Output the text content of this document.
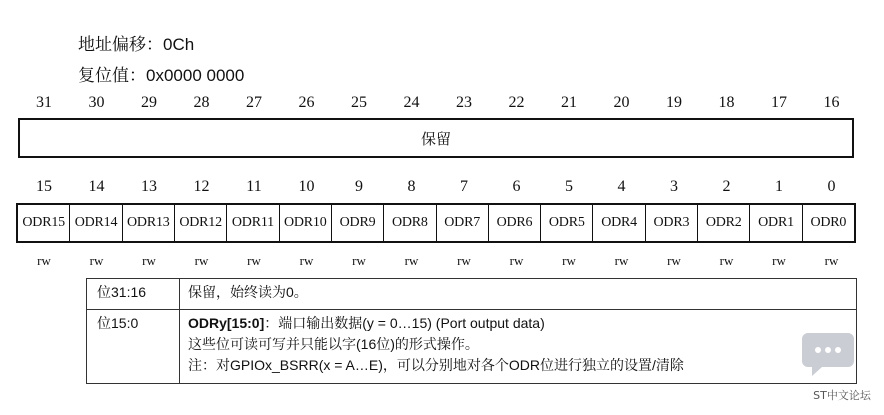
地址偏移：0Ch
复位值：0x0000 0000
31	30	29	28	27	26	25	24	23	22	21	20	19	18	17	16
保留
15	14	13	12	11	10	9	8	7	6	5	4	3	2	1	0
ODR15 ODR14 ODR13 ODR12 ODR11 ODR10 ODR9	ODR8	ODR7	ODR6	ODR5	ODR4	ODR3	ODR2	ODR1	ODR0
rw	rw	rw	rw	rw	rw	rw	rw	rw	rw	rw	rw	rw	rw	rw	rw
位31:16	保留，始终读为0。
位15:0	ODRy[15:0]：端口输出数据(y = 0…15) (Port output data)
这些位可读可写并只能以字(16位)的形式操作。
注：对GPIOx_BSRR(x = A…E)，可以分别地对各个ODR位进行独立的设置/清除
ST中文论坛
